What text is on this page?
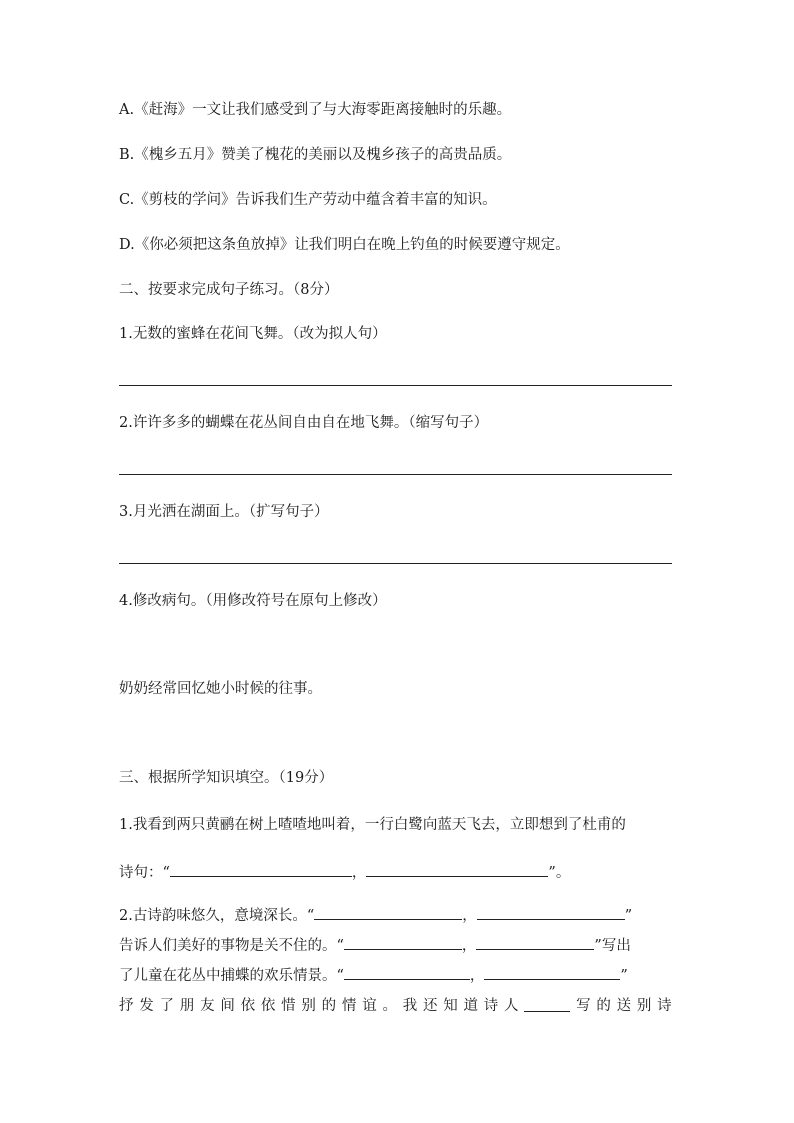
A.《赶海》一文让我们感受到了与大海零距离接触时的乐趣。
B.《槐乡五月》赞美了槐花的美丽以及槐乡孩子的高贵品质。
C.《剪枝的学问》告诉我们生产劳动中蕴含着丰富的知识。
D.《你必须把这条鱼放掉》让我们明白在晚上钓鱼的时候要遵守规定。
二、按要求完成句子练习。（8分）
1.无数的蜜蜂在花间飞舞。（改为拟人句）
2.许许多多的蝴蝶在花丛间自由自在地飞舞。（缩写句子）
3.月光洒在湖面上。（扩写句子）
4.修改病句。（用修改符号在原句上修改）
奶奶经常回忆她小时候的往事。
三、根据所学知识填空。（19分）
1.我看到两只黄鹂在树上喳喳地叫着，一行白鹭向蓝天飞去，立即想到了杜甫的
诗句：“	，	”。
2.古诗韵味悠久，意境深长。“	，	”
告诉人们美好的事物是关不住的。“	，	”写出
了儿童在花丛中捕蝶的欢乐情景。“	，	”
抒 发 了 朋 友 间 依 依 惜 别 的 情 谊 。 我 还 知 道 诗 人	写 的 送 别 诗
